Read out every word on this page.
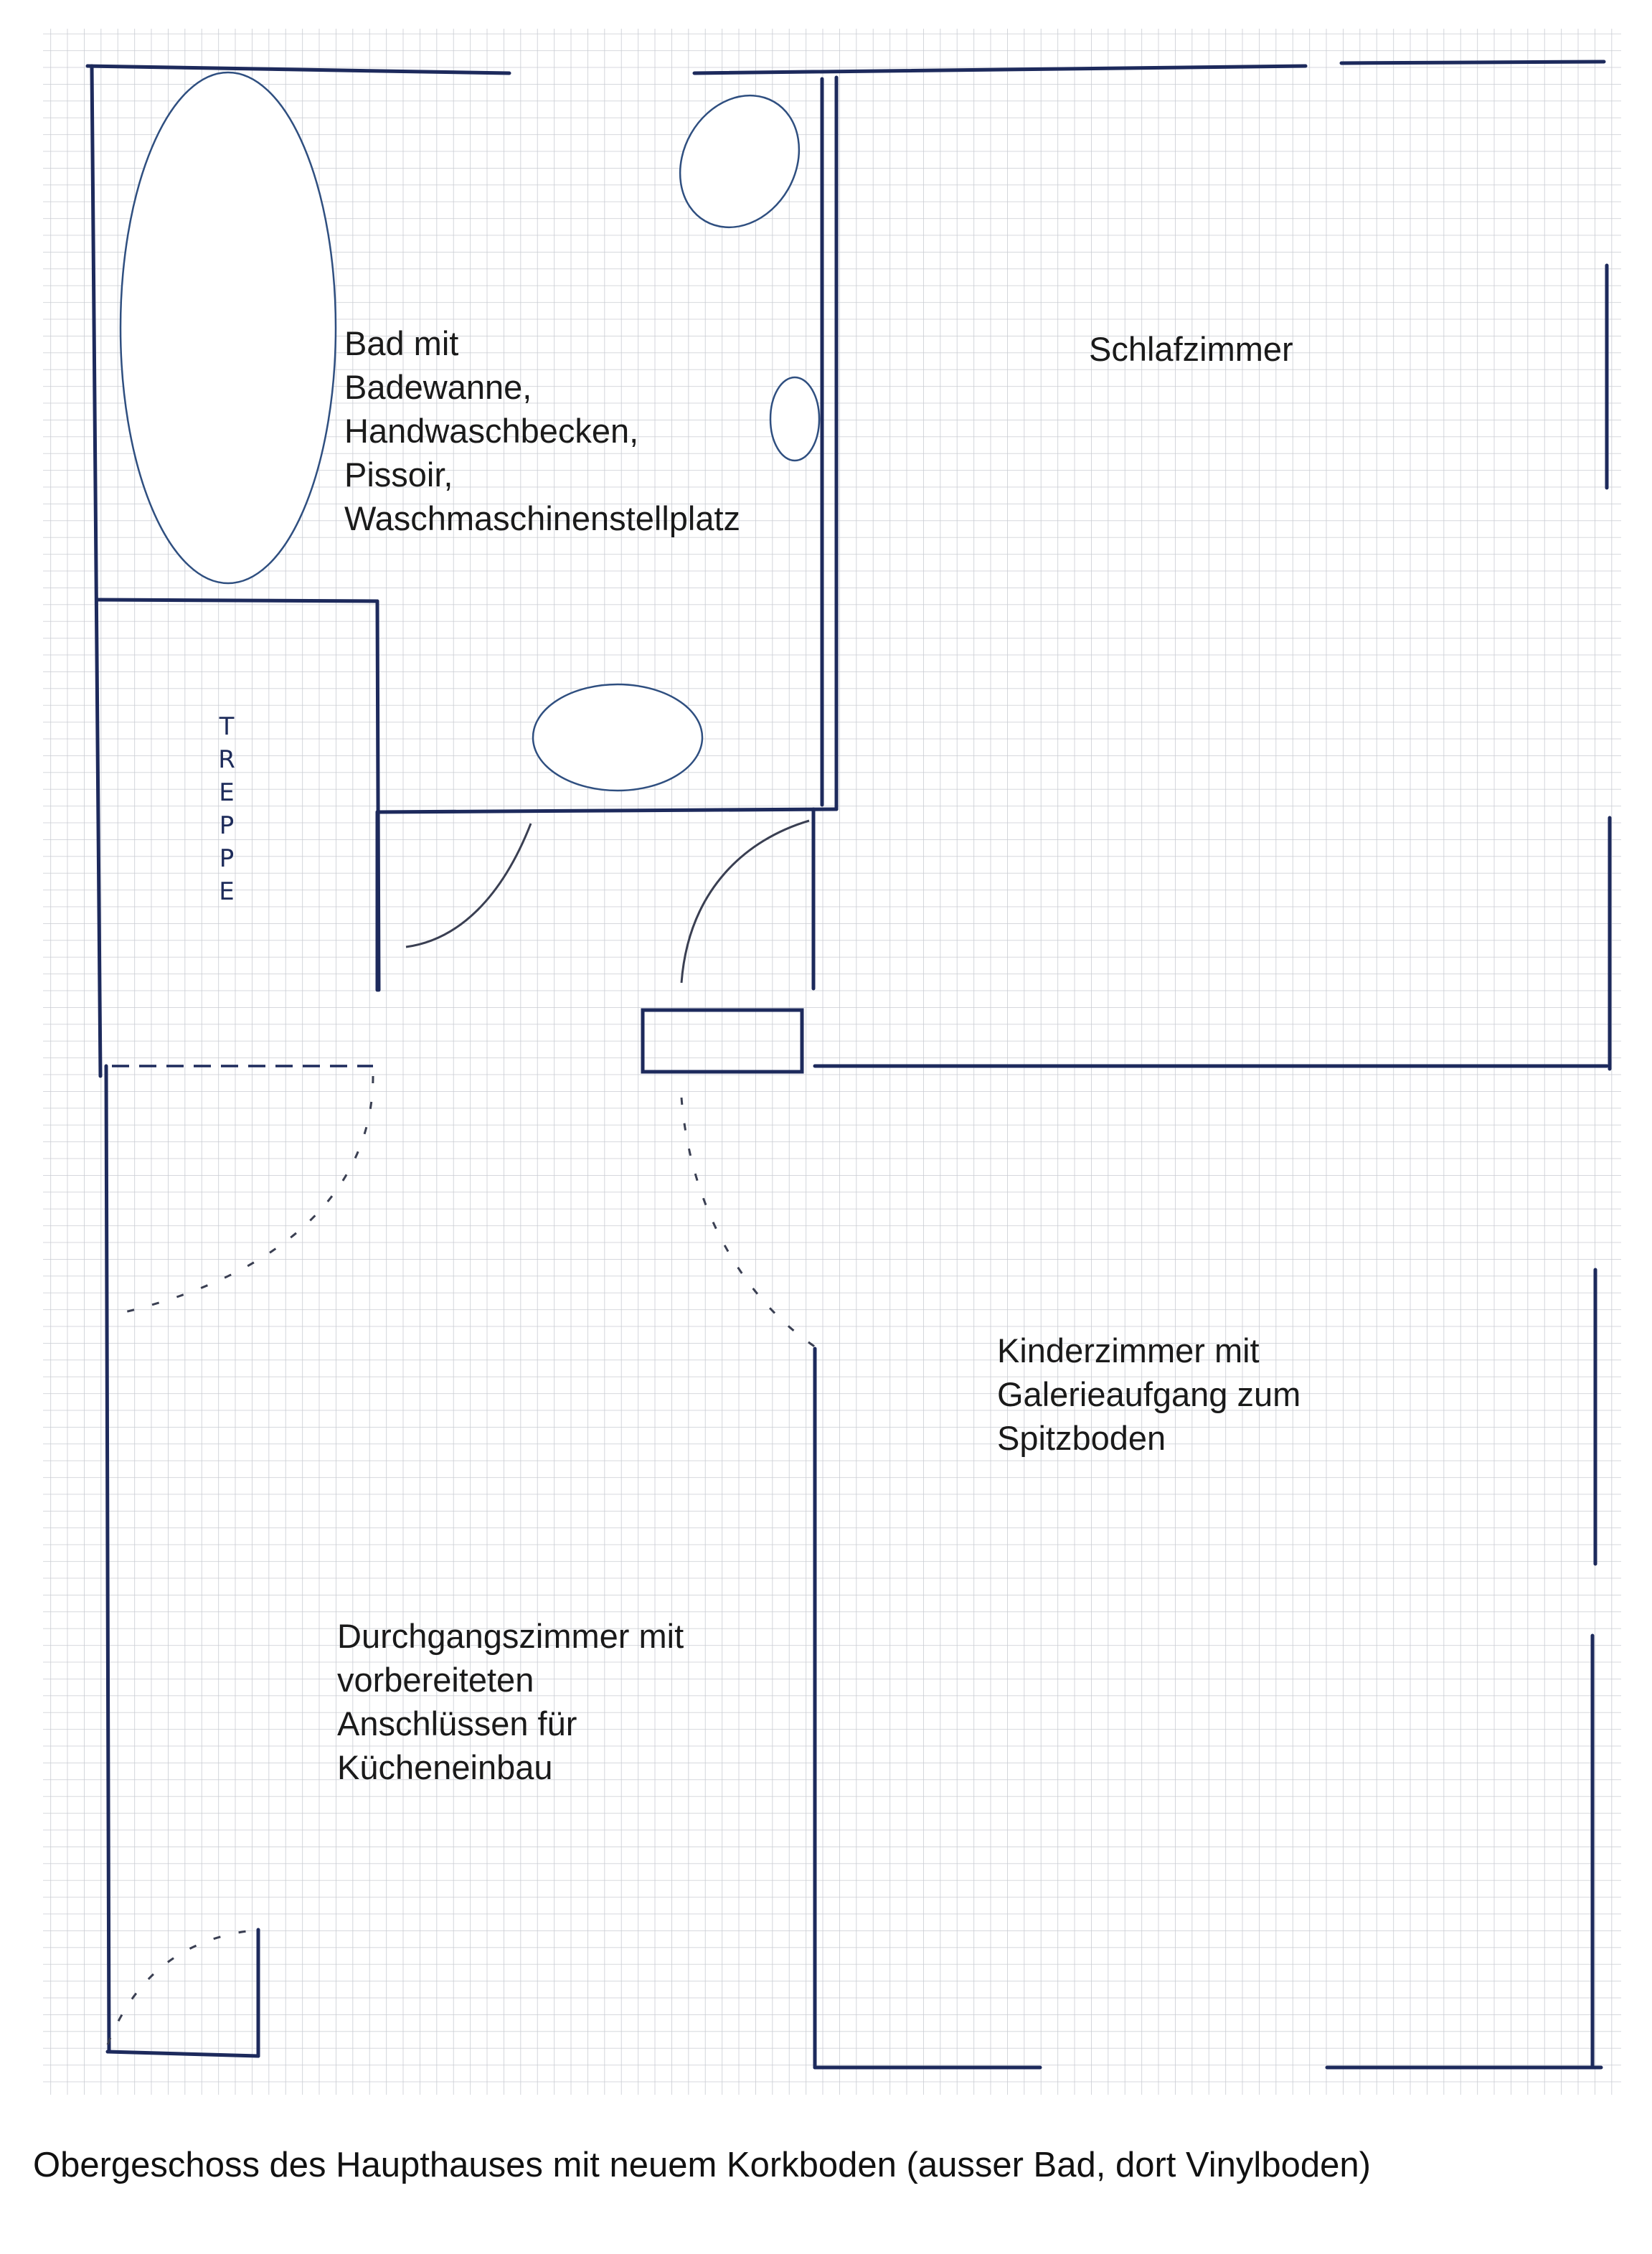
Bad mit
Badewanne,
Handwaschbecken,
Pissoir,
Waschmaschinenstellplatz
Schlafzimmer
Kinderzimmer mit
Galerieaufgang zum
Spitzboden
Durchgangszimmer mit
vorbereiteten
Anschlüssen für
Kücheneinbau
TREPPE
Obergeschoss des Haupthauses mit neuem Korkboden (ausser Bad, dort Vinylboden)
